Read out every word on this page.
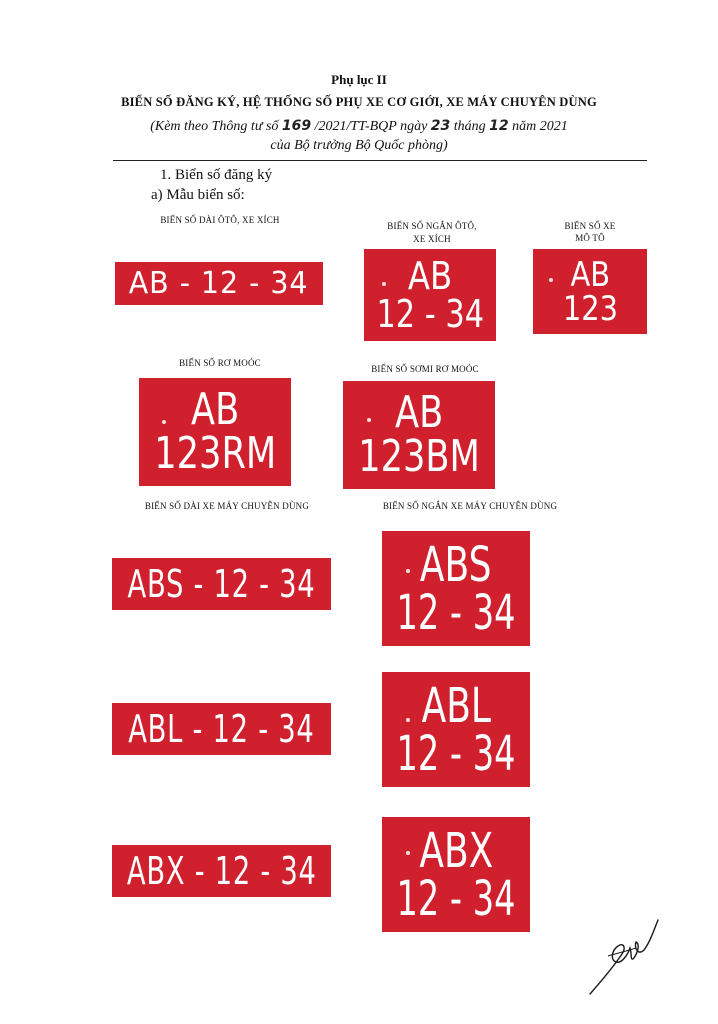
Phụ lục II
BIỂN SỐ ĐĂNG KÝ, HỆ THỐNG SỐ PHỤ XE CƠ GIỚI, XE MÁY CHUYÊN DÙNG
(Kèm theo Thông tư số 169 /2021/TT-BQP ngày 23 tháng 12 năm 2021
của Bộ trưởng Bộ Quốc phòng)
1. Biển số đăng ký
a) Mẫu biển số:
BIỂN SỐ DÀI ÔTÔ, XE XÍCH
BIỂN SỐ NGẮN ÔTÔ,
XE XÍCH
BIỂN SỐ XE
MÔ TÔ
AB - 12 - 34	AB
12 - 34
AB
123
BIỂN SỐ RƠ MOÓC
BIỂN SỐ SƠMI RƠ MOÓC
AB
123RM
AB
123BM
BIỂN SỐ DÀI XE MÁY CHUYÊN DÙNG	BIỂN SỐ NGẮN XE MÁY CHUYÊN DÙNG
ABS - 12 - 34 ABS
12 - 34
ABL - 12 - 34 ABL
12 - 34
ABX - 12 - 34 ABX
12 - 34
